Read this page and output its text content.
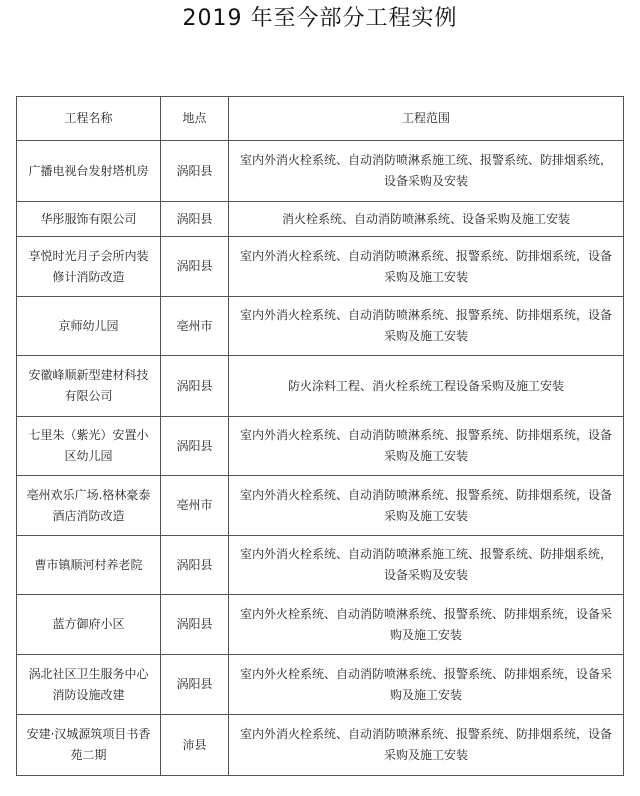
2019 年至今部分工程实例
工程名称	地点	工程范围
广播电视台发射塔机房	涡阳县	室内外消火栓系统、自动消防喷淋系施工统、报警系统、防排烟系统，设备采购及安装
华彤服饰有限公司	涡阳县	消火栓系统、自动消防喷淋系统、设备采购及施工安装
享悦时光月子会所内装修计消防改造	涡阳县	室内外消火栓系统、自动消防喷淋系统、报警系统、防排烟系统，设备采购及施工安装
京师幼儿园	亳州市	室内外消火栓系统、自动消防喷淋系统、报警系统、防排烟系统，设备采购及施工安装
安徽峰顺新型建材科技有限公司	涡阳县	防火涂料工程、消火栓系统工程设备采购及施工安装
七里朱（紫光）安置小区幼儿园	涡阳县	室内外消火栓系统、自动消防喷淋系统、报警系统、防排烟系统，设备采购及施工安装
亳州欢乐广场.格林豪泰酒店消防改造	亳州市	室内外消火栓系统、自动消防喷淋系统、报警系统、防排烟系统，设备采购及施工安装
曹市镇顺河村养老院	涡阳县	室内外消火栓系统、自动消防喷淋系施工统、报警系统、防排烟系统，设备采购及安装
蓝方御府小区	涡阳县	室内外火栓系统、自动消防喷淋系统、报警系统、防排烟系统，设备采购及施工安装
涡北社区卫生服务中心消防设施改建	涡阳县	室内外火栓系统、自动消防喷淋系统、报警系统、防排烟系统，设备采购及施工安装
安建·汉城源筑项目书香苑二期	沛县	室内外消火栓系统、自动消防喷淋系统、报警系统、防排烟系统，设备采购及施工安装
